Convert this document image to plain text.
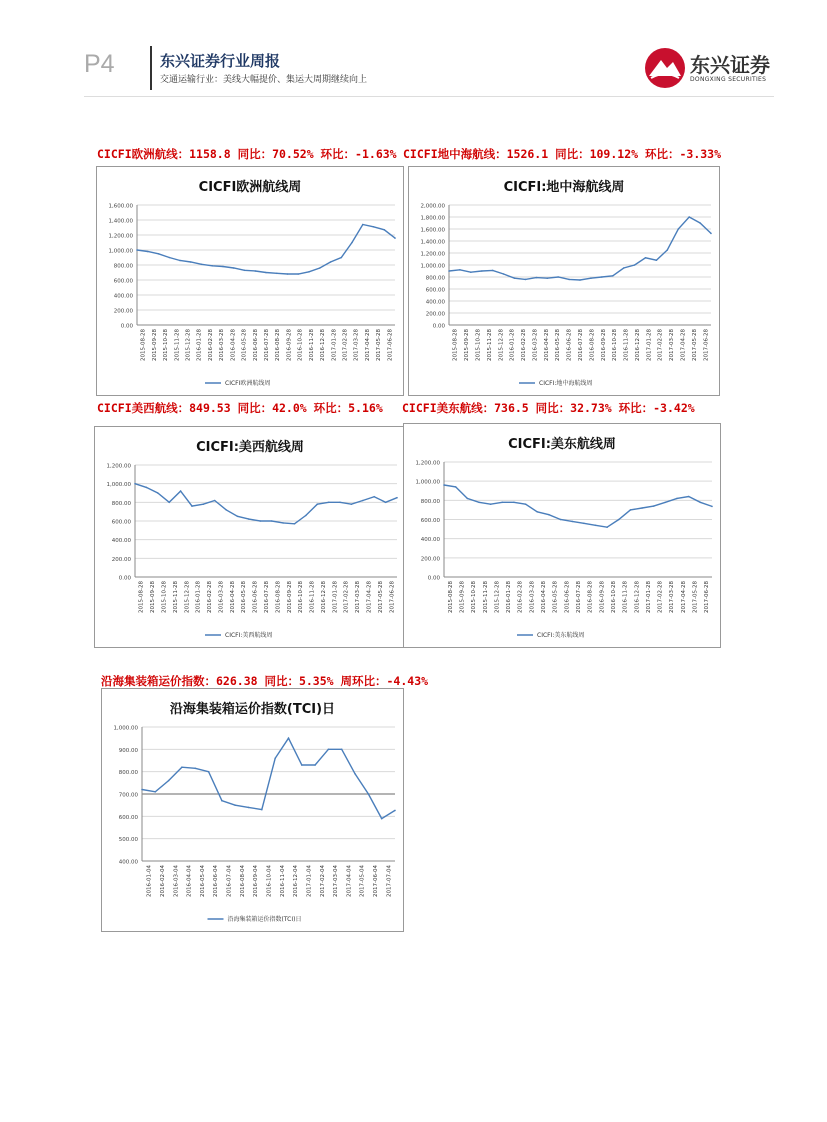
P4	东兴证券行业周报
交通运输行业：美线大幅提价、集运大周期继续向上
东兴证券
DONGXING SECURITIES
CICFI欧洲航线：1158.8 同比：70.52% 环比：-1.63% CICFI地中海航线：1526.1 同比：109.12% 环比：-3.33%
CICFI美西航线：849.53 同比：42.0% 环比：5.16% CICFI美东航线：736.5 同比：32.73% 环比：-3.42%
沿海集装箱运价指数：626.38 同比：5.35% 周环比：-4.43%
CICFI欧洲航线周
0.00
200.00
400.00
600.00
800.00
1,000.00
1,200.00
1,400.00
1,600.00
2015-08-28 2015-09-28 2015-10-28 2015-11-28 2015-12-28 2016-01-28 2016-02-28 2016-03-28 2016-04-28 2016-05-28 2016-06-28 2016-07-28 2016-08-28 2016-09-28 2016-10-28 2016-11-28 2016-12-28 2017-01-28 2017-02-28 2017-03-28 2017-04-28 2017-05-28 2017-06-28
CICFI欧洲航线周
CICFI:地中海航线周
0.00
200.00
400.00
600.00
800.00
1,000.00
1,200.00
1,400.00
1,600.00
1,800.00
2,000.00
2015-08-28 2015-09-28 2015-10-28 2015-11-28 2015-12-28 2016-01-28 2016-02-28 2016-03-28 2016-04-28 2016-05-28 2016-06-28 2016-07-28 2016-08-28 2016-09-28 2016-10-28 2016-11-28 2016-12-28 2017-01-28 2017-02-28 2017-03-28 2017-04-28 2017-05-28 2017-06-28
CICFI:地中海航线周
CICFI:美西航线周
0.00
200.00
400.00
600.00
800.00
1,000.00
1,200.00
2015-08-28 2015-09-28 2015-10-28 2015-11-28 2015-12-28 2016-01-28 2016-02-28 2016-03-28 2016-04-28 2016-05-28 2016-06-28 2016-07-28 2016-08-28 2016-09-28 2016-10-28 2016-11-28 2016-12-28 2017-01-28 2017-02-28 2017-03-28 2017-04-28 2017-05-28 2017-06-28
CICFI:美西航线周
CICFI:美东航线周
0.00
200.00
400.00
600.00
800.00
1,000.00
1,200.00
2015-08-28 2015-09-28 2015-10-28 2015-11-28 2015-12-28 2016-01-28 2016-02-28 2016-03-28 2016-04-28 2016-05-28 2016-06-28 2016-07-28 2016-08-28 2016-09-28 2016-10-28 2016-11-28 2016-12-28 2017-01-28 2017-02-28 2017-03-28 2017-04-28 2017-05-28 2017-06-28
CICFI:美东航线周
沿海集装箱运价指数(TCI)日
400.00
500.00
600.00
700.00
800.00
900.00
1,000.00
2016-01-04 2016-02-04 2016-03-04 2016-04-04 2016-05-04 2016-06-04 2016-07-04 2016-08-04 2016-09-04 2016-10-04 2016-11-04 2016-12-04 2017-01-04 2017-02-04 2017-03-04 2017-04-04 2017-05-04 2017-06-04 2017-07-04
沿海集装箱运价指数(TCI)日
